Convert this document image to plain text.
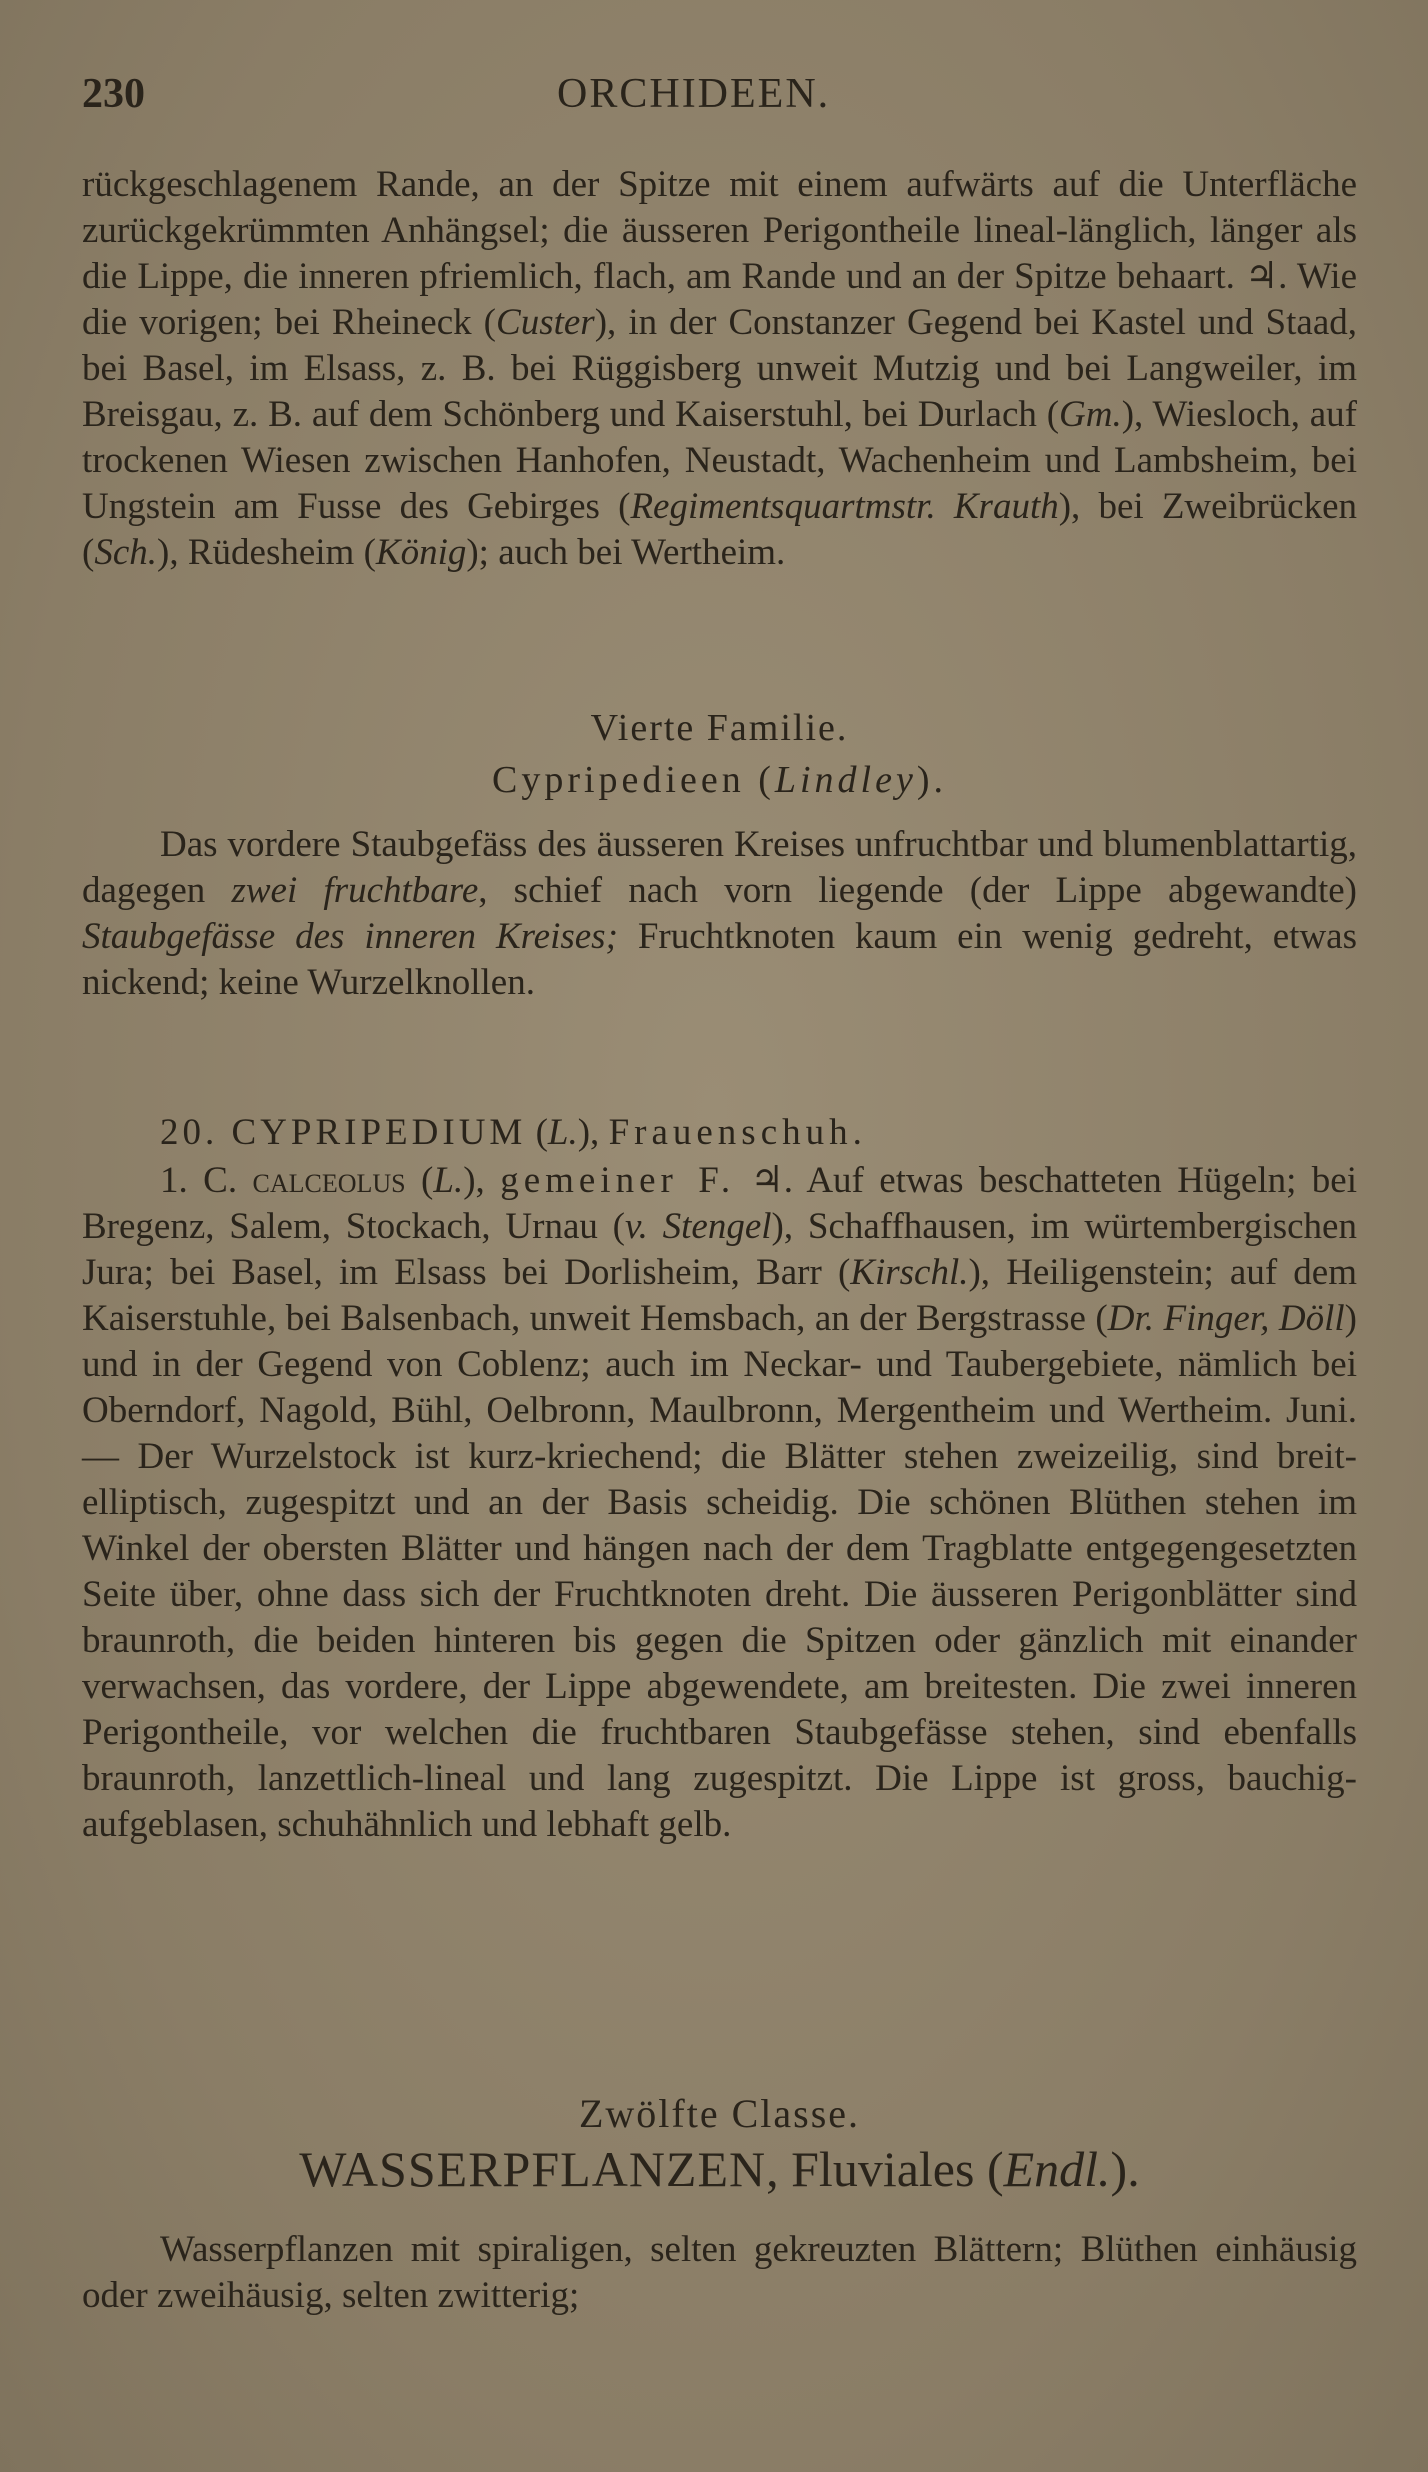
230	ORCHIDEEN.
rückgeschlagenem Rande, an der Spitze mit einem aufwärts auf die Unterfläche zurückgekrümmten Anhängsel; die äusseren Perigontheile lineal-länglich, länger als die Lippe, die inneren pfriemlich, flach, am Rande und an der Spitze behaart. ♃. Wie die vorigen; bei Rheineck (Custer), in der Constanzer Gegend bei Kastel und Staad, bei Basel, im Elsass, z. B. bei Rüggisberg unweit Mutzig und bei Langweiler, im Breisgau, z. B. auf dem Schönberg und Kaiserstuhl, bei Durlach (Gm.), Wiesloch, auf trockenen Wiesen zwischen Hanhofen, Neustadt, Wachenheim und Lambsheim, bei Ungstein am Fusse des Gebirges (Regimentsquartmstr. Krauth), bei Zweibrücken (Sch.), Rüdesheim (König); auch bei Wertheim.
Vierte Familie.
Cypripedieen (Lindley).
Das vordere Staubgefäss des äusseren Kreises unfruchtbar und blumenblattartig, dagegen zwei fruchtbare, schief nach vorn liegende (der Lippe abgewandte) Staubgefässe des inneren Kreises; Fruchtknoten kaum ein wenig gedreht, etwas nickend; keine Wurzelknollen.
20. CYPRIPEDIUM (L.), Frauenschuh.
1. C. calceolus (L.), gemeiner F. ♃. Auf etwas beschatteten Hügeln; bei Bregenz, Salem, Stockach, Urnau (v. Stengel), Schaffhausen, im würtembergischen Jura; bei Basel, im Elsass bei Dorlisheim, Barr (Kirschl.), Heiligenstein; auf dem Kaiserstuhle, bei Balsenbach, unweit Hemsbach, an der Bergstrasse (Dr. Finger, Döll) und in der Gegend von Coblenz; auch im Neckar- und Taubergebiete, nämlich bei Oberndorf, Nagold, Bühl, Oelbronn, Maulbronn, Mergentheim und Wertheim. Juni. — Der Wurzelstock ist kurz-kriechend; die Blätter stehen zweizeilig, sind breit-elliptisch, zugespitzt und an der Basis scheidig. Die schönen Blüthen stehen im Winkel der obersten Blätter und hängen nach der dem Tragblatte entgegengesetzten Seite über, ohne dass sich der Fruchtknoten dreht. Die äusseren Perigonblätter sind braunroth, die beiden hinteren bis gegen die Spitzen oder gänzlich mit einander verwachsen, das vordere, der Lippe abgewendete, am breitesten. Die zwei inneren Perigontheile, vor welchen die fruchtbaren Staubgefässe stehen, sind ebenfalls braunroth, lanzettlich-lineal und lang zugespitzt. Die Lippe ist gross, bauchig-aufgeblasen, schuhähnlich und lebhaft gelb.
Zwölfte Classe.
WASSERPFLANZEN, Fluviales (Endl.).
Wasserpflanzen mit spiraligen, selten gekreuzten Blättern; Blüthen einhäusig oder zweihäusig, selten zwitterig;
